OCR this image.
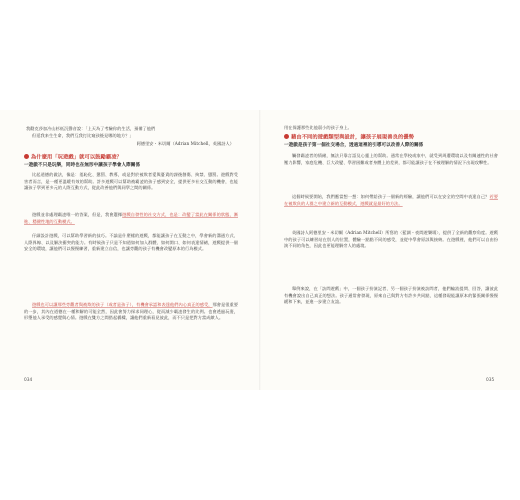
我勸克莎加冷山杉低沉聲音說：「上天為了考驗你的生活，預備了他們
但延我来生生命，我們互我打比窥孩後見哪的地方？」
阿德里安・米切爾（Adrian Mitchell，英國詩人）
為什麼用「玩遊戲」就可以鼓勵霸凌？
一遊戲不只是玩樂，同時也在無形中讓孩子學會人際關係
比起道德的做法，像是：羞恥化、懲罰、教導，或是對於被欺者愛與憂責的課後創傷、拘禁、懲罰。遊戲對受害者而言，是一種更溫暖有效的幫助。許多遊戲可以幫助被霸凌的孩子感到安全，提供更多社交互動的機會，也能讓孩子學到更多元的人際互動方式，從此改善他們與同學之間的關係。
遊戲並非處理霸凌唯一的答案，但是，我會選擇遊戲自發性的社交方式，也是：改變了當此在關係的狀態，漸進、穩健性地的互動模式。
仔細設計遊戲，可以幫助學習新的技巧。不論是什麼樣的遊戲，都能讓孩子在互動之中，學會新的溝通方式、人際界線、以及解決衝突的能力。有時候孩子只是不知道如何加入群體、如何開口、如何表達情緒，遊戲提供一個安全的環境，讓他們可以慢慢練習，重新建立自信，也讓旁觀的孩子有機會改變原本的行為模式。
遊戲也可以讓那些旁觀者與被欺的孩子（或者是孩子），有機會承認和表達他們內心真正的感受，那會是很重要的一步，其內在道德在一種和解的可能全然，因此會努力探求同理心，從而減少霸凌發生的比例。也會透過玩耍，形塑他人承受的感覺與心情。遊戲在雙方之間搭起橋樑，讓他們重新看見彼此，而不只是把對方當成敵人。
034
用在保護那些比他弱小的孩子身上。
藉由不同的遊戲類型與設計，讓孩子展現善良的優勢
一遊戲是孩子第一個社交場合，透過這裡的引導可以改善人際的關係
觸發霸凌者的情緒，無法只靠言語及心靈上的幫助。通常在學校或家中，就受到周遭環境以及有關連性的社會壓力影響，家庭危機、巨大改變、學習困難或者身體上的差異，都可能讓孩子在不被理解的情況下出現攻擊性。
這個時候要開始，我們應當想一想：如何帶給孩子一個新的經驗，讓他們可以在安全的空間中表達自己？若要在被欺負的人群之中建立新的互動模式，遊戲就是最好的方法。
英國詩人阿德里安・米切爾（Adrian Mitchell）所寫的〈藍調・夜間遊樂場〉，提供了全新的觀察角度。遊戲中的孩子可以練習站在別人的位置，體驗一點點不同的感受，並從中學會原諒與接納。在遊戲裡，他們可以自由扮演不同的角色，因此也更能理解旁人的處境。
舉例來說，在「訪問遊戲」中，一個孩子扮演記者、另一個孩子扮演被訪問者，他們輪流提問、回答，讓彼此有機會說出自己真正的想法。孩子通常會發現，原來自己與對方有許多共同點，這種發現能讓原本的緊張關係慢慢緩和下來，並進一步建立友誼。
035
